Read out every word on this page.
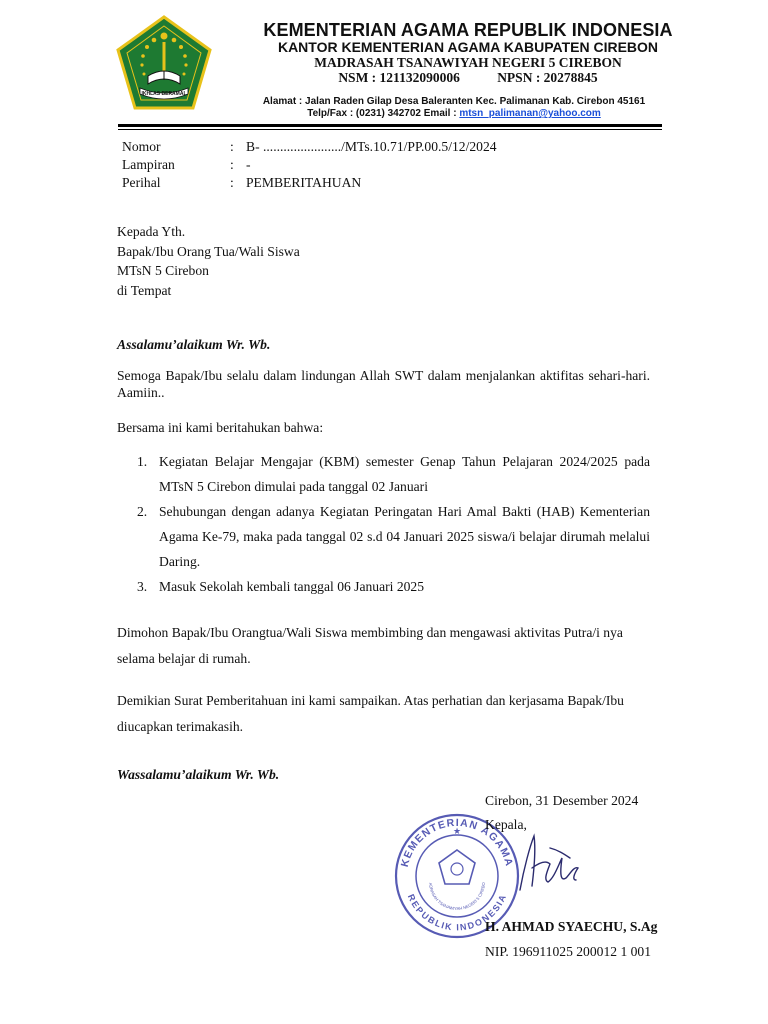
IKHLAS BERAMAL
KEMENTERIAN AGAMA REPUBLIK INDONESIA
KANTOR KEMENTERIAN AGAMA KABUPATEN CIREBON
MADRASAH TSANAWIYAH NEGERI 5 CIREBON
NSM : 121132090006	NPSN : 20278845
Alamat : Jalan Raden Gilap Desa Baleranten Kec. Palimanan Kab. Cirebon 45161
Telp/Fax : (0231) 342702 Email : mtsn_palimanan@yahoo.com
Nomor	: B- ......................./MTs.10.71/PP.00.5/12/2024
Lampiran	: -
Perihal	: PEMBERITAHUAN
Kepada Yth.
Bapak/Ibu Orang Tua/Wali Siswa
MTsN 5 Cirebon
di Tempat
Assalamu’alaikum Wr. Wb.
Semoga Bapak/Ibu selalu dalam lindungan Allah SWT dalam menjalankan aktifitas sehari-hari. Aamiin..
Bersama ini kami beritahukan bahwa:
1. Kegiatan Belajar Mengajar (KBM) semester Genap Tahun Pelajaran 2024/2025 pada MTsN 5 Cirebon dimulai pada tanggal 02 Januari
2. Sehubungan dengan adanya Kegiatan Peringatan Hari Amal Bakti (HAB) Kementerian Agama Ke-79, maka pada tanggal 02 s.d 04 Januari 2025 siswa/i belajar dirumah melalui Daring.
3. Masuk Sekolah kembali tanggal 06 Januari 2025
Dimohon Bapak/Ibu Orangtua/Wali Siswa membimbing dan mengawasi aktivitas Putra/i nya selama belajar di rumah.
Demikian Surat Pemberitahuan ini kami sampaikan. Atas perhatian dan kerjasama Bapak/Ibu diucapkan terimakasih.
Wassalamu’alaikum Wr. Wb.
KEMENTERIAN AGAMA
REPUBLIK INDONESIA
ADRASAH TSANAWIYAH NEGERI 5 CIREBO
★
Cirebon, 31 Desember 2024
Kepala,
H. AHMAD SYAECHU, S.Ag
NIP. 196911025 200012 1 001
